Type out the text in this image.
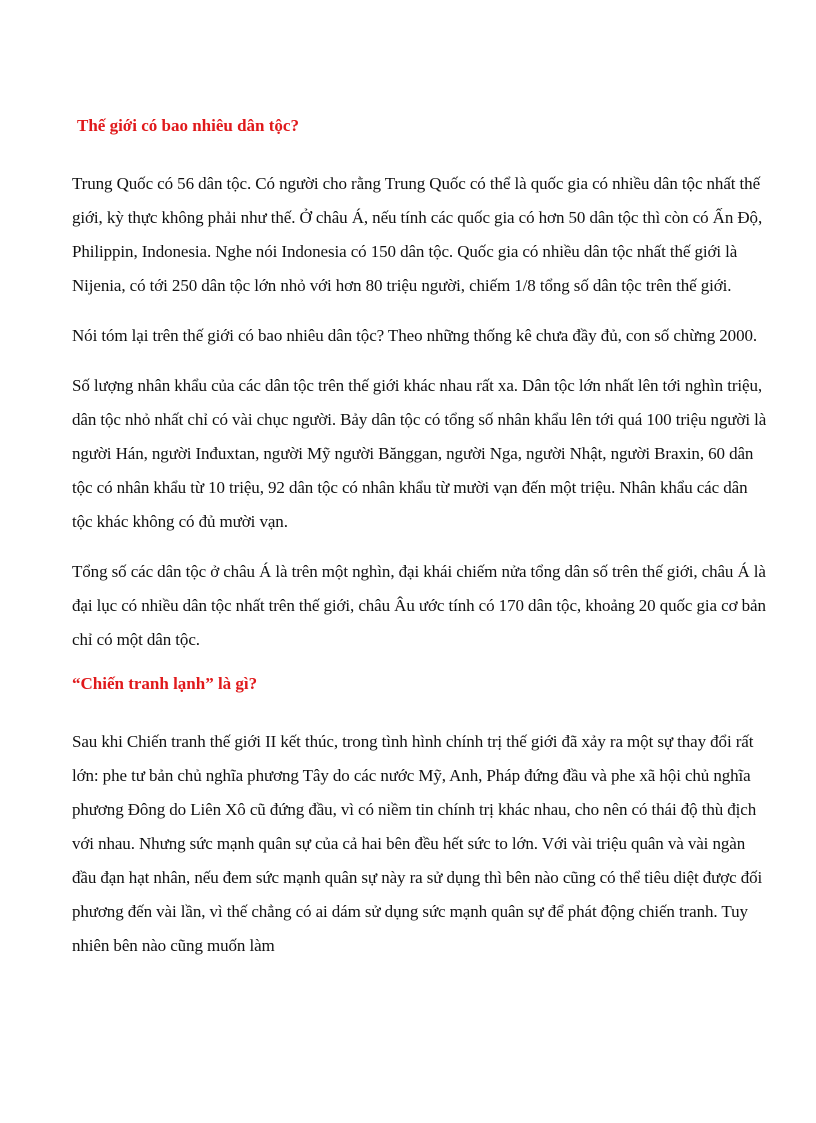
Thế giới có bao nhiêu dân tộc?

Trung Quốc có 56 dân tộc. Có người cho rằng Trung Quốc có thể là quốc gia có nhiều dân tộc nhất thế giới, kỳ thực không phải như thế. Ở châu Á, nếu tính các quốc gia có hơn 50 dân tộc thì còn có Ấn Độ, Philippin, Indonesia. Nghe nói Indonesia có 150 dân tộc. Quốc gia có nhiều dân tộc nhất thế giới là Nijenia, có tới 250 dân tộc lớn nhỏ với hơn 80 triệu người, chiếm 1/8 tổng số dân tộc trên thế giới.

Nói tóm lại trên thế giới có bao nhiêu dân tộc? Theo những thống kê chưa đầy đủ, con số chừng 2000.

Số lượng nhân khẩu của các dân tộc trên thế giới khác nhau rất xa. Dân tộc lớn nhất lên tới nghìn triệu, dân tộc nhỏ nhất chỉ có vài chục người. Bảy dân tộc có tổng số nhân khẩu lên tới quá 100 triệu người là người Hán, người Inđuxtan, người Mỹ người Bănggan, người Nga, người Nhật, người Braxin, 60 dân tộc có nhân khẩu từ 10 triệu, 92 dân tộc có nhân khẩu từ mười vạn đến một triệu. Nhân khẩu các dân tộc khác không có đủ mười vạn.

Tổng số các dân tộc ở châu Á là trên một nghìn, đại khái chiếm nửa tổng dân số trên thế giới, châu Á là đại lục có nhiều dân tộc nhất trên thế giới, châu Âu ước tính có 170 dân tộc, khoảng 20 quốc gia cơ bản chỉ có một dân tộc.

“Chiến tranh lạnh” là gì?

Sau khi Chiến tranh thế giới II kết thúc, trong tình hình chính trị thế giới đã xảy ra một sự thay đổi rất lớn: phe tư bản chủ nghĩa phương Tây do các nước Mỹ, Anh, Pháp đứng đầu và phe xã hội chủ nghĩa phương Đông do Liên Xô cũ đứng đầu, vì có niềm tin chính trị khác nhau, cho nên có thái độ thù địch với nhau. Nhưng sức mạnh quân sự của cả hai bên đều hết sức to lớn. Với vài triệu quân và vài ngàn đầu đạn hạt nhân, nếu đem sức mạnh quân sự này ra sử dụng thì bên nào cũng có thể tiêu diệt được đối phương đến vài lần, vì thế chẳng có ai dám sử dụng sức mạnh quân sự để phát động chiến tranh. Tuy nhiên bên nào cũng muốn làm
